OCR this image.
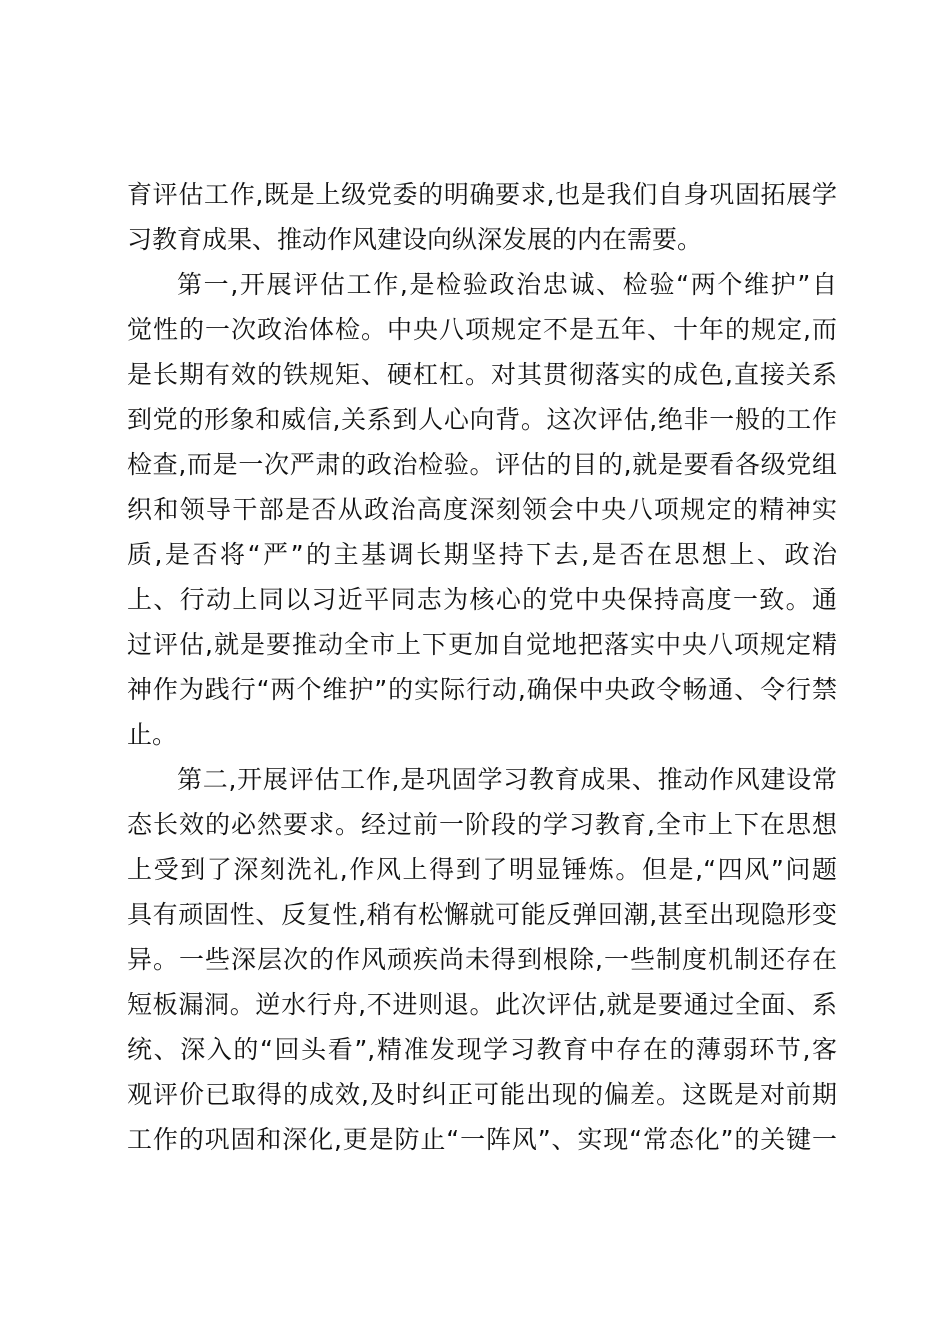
育评估工作,既是上级党委的明确要求,也是我们自身巩固拓展学
习教育成果、推动作风建设向纵深发展的内在需要。
第一,开展评估工作,是检验政治忠诚、检验“两个维护”自
觉性的一次政治体检。中央八项规定不是五年、十年的规定,而
是长期有效的铁规矩、硬杠杠。对其贯彻落实的成色,直接关系
到党的形象和威信,关系到人心向背。这次评估,绝非一般的工作
检查,而是一次严肃的政治检验。评估的目的,就是要看各级党组
织和领导干部是否从政治高度深刻领会中央八项规定的精神实
质,是否将“严”的主基调长期坚持下去,是否在思想上、政治
上、行动上同以习近平同志为核心的党中央保持高度一致。通
过评估,就是要推动全市上下更加自觉地把落实中央八项规定精
神作为践行“两个维护”的实际行动,确保中央政令畅通、令行禁
止。
第二,开展评估工作,是巩固学习教育成果、推动作风建设常
态长效的必然要求。经过前一阶段的学习教育,全市上下在思想
上受到了深刻洗礼,作风上得到了明显锤炼。但是,“四风”问题
具有顽固性、反复性,稍有松懈就可能反弹回潮,甚至出现隐形变
异。一些深层次的作风顽疾尚未得到根除,一些制度机制还存在
短板漏洞。逆水行舟,不进则退。此次评估,就是要通过全面、系
统、深入的“回头看”,精准发现学习教育中存在的薄弱环节,客
观评价已取得的成效,及时纠正可能出现的偏差。这既是对前期
工作的巩固和深化,更是防止“一阵风”、实现“常态化”的关键一
